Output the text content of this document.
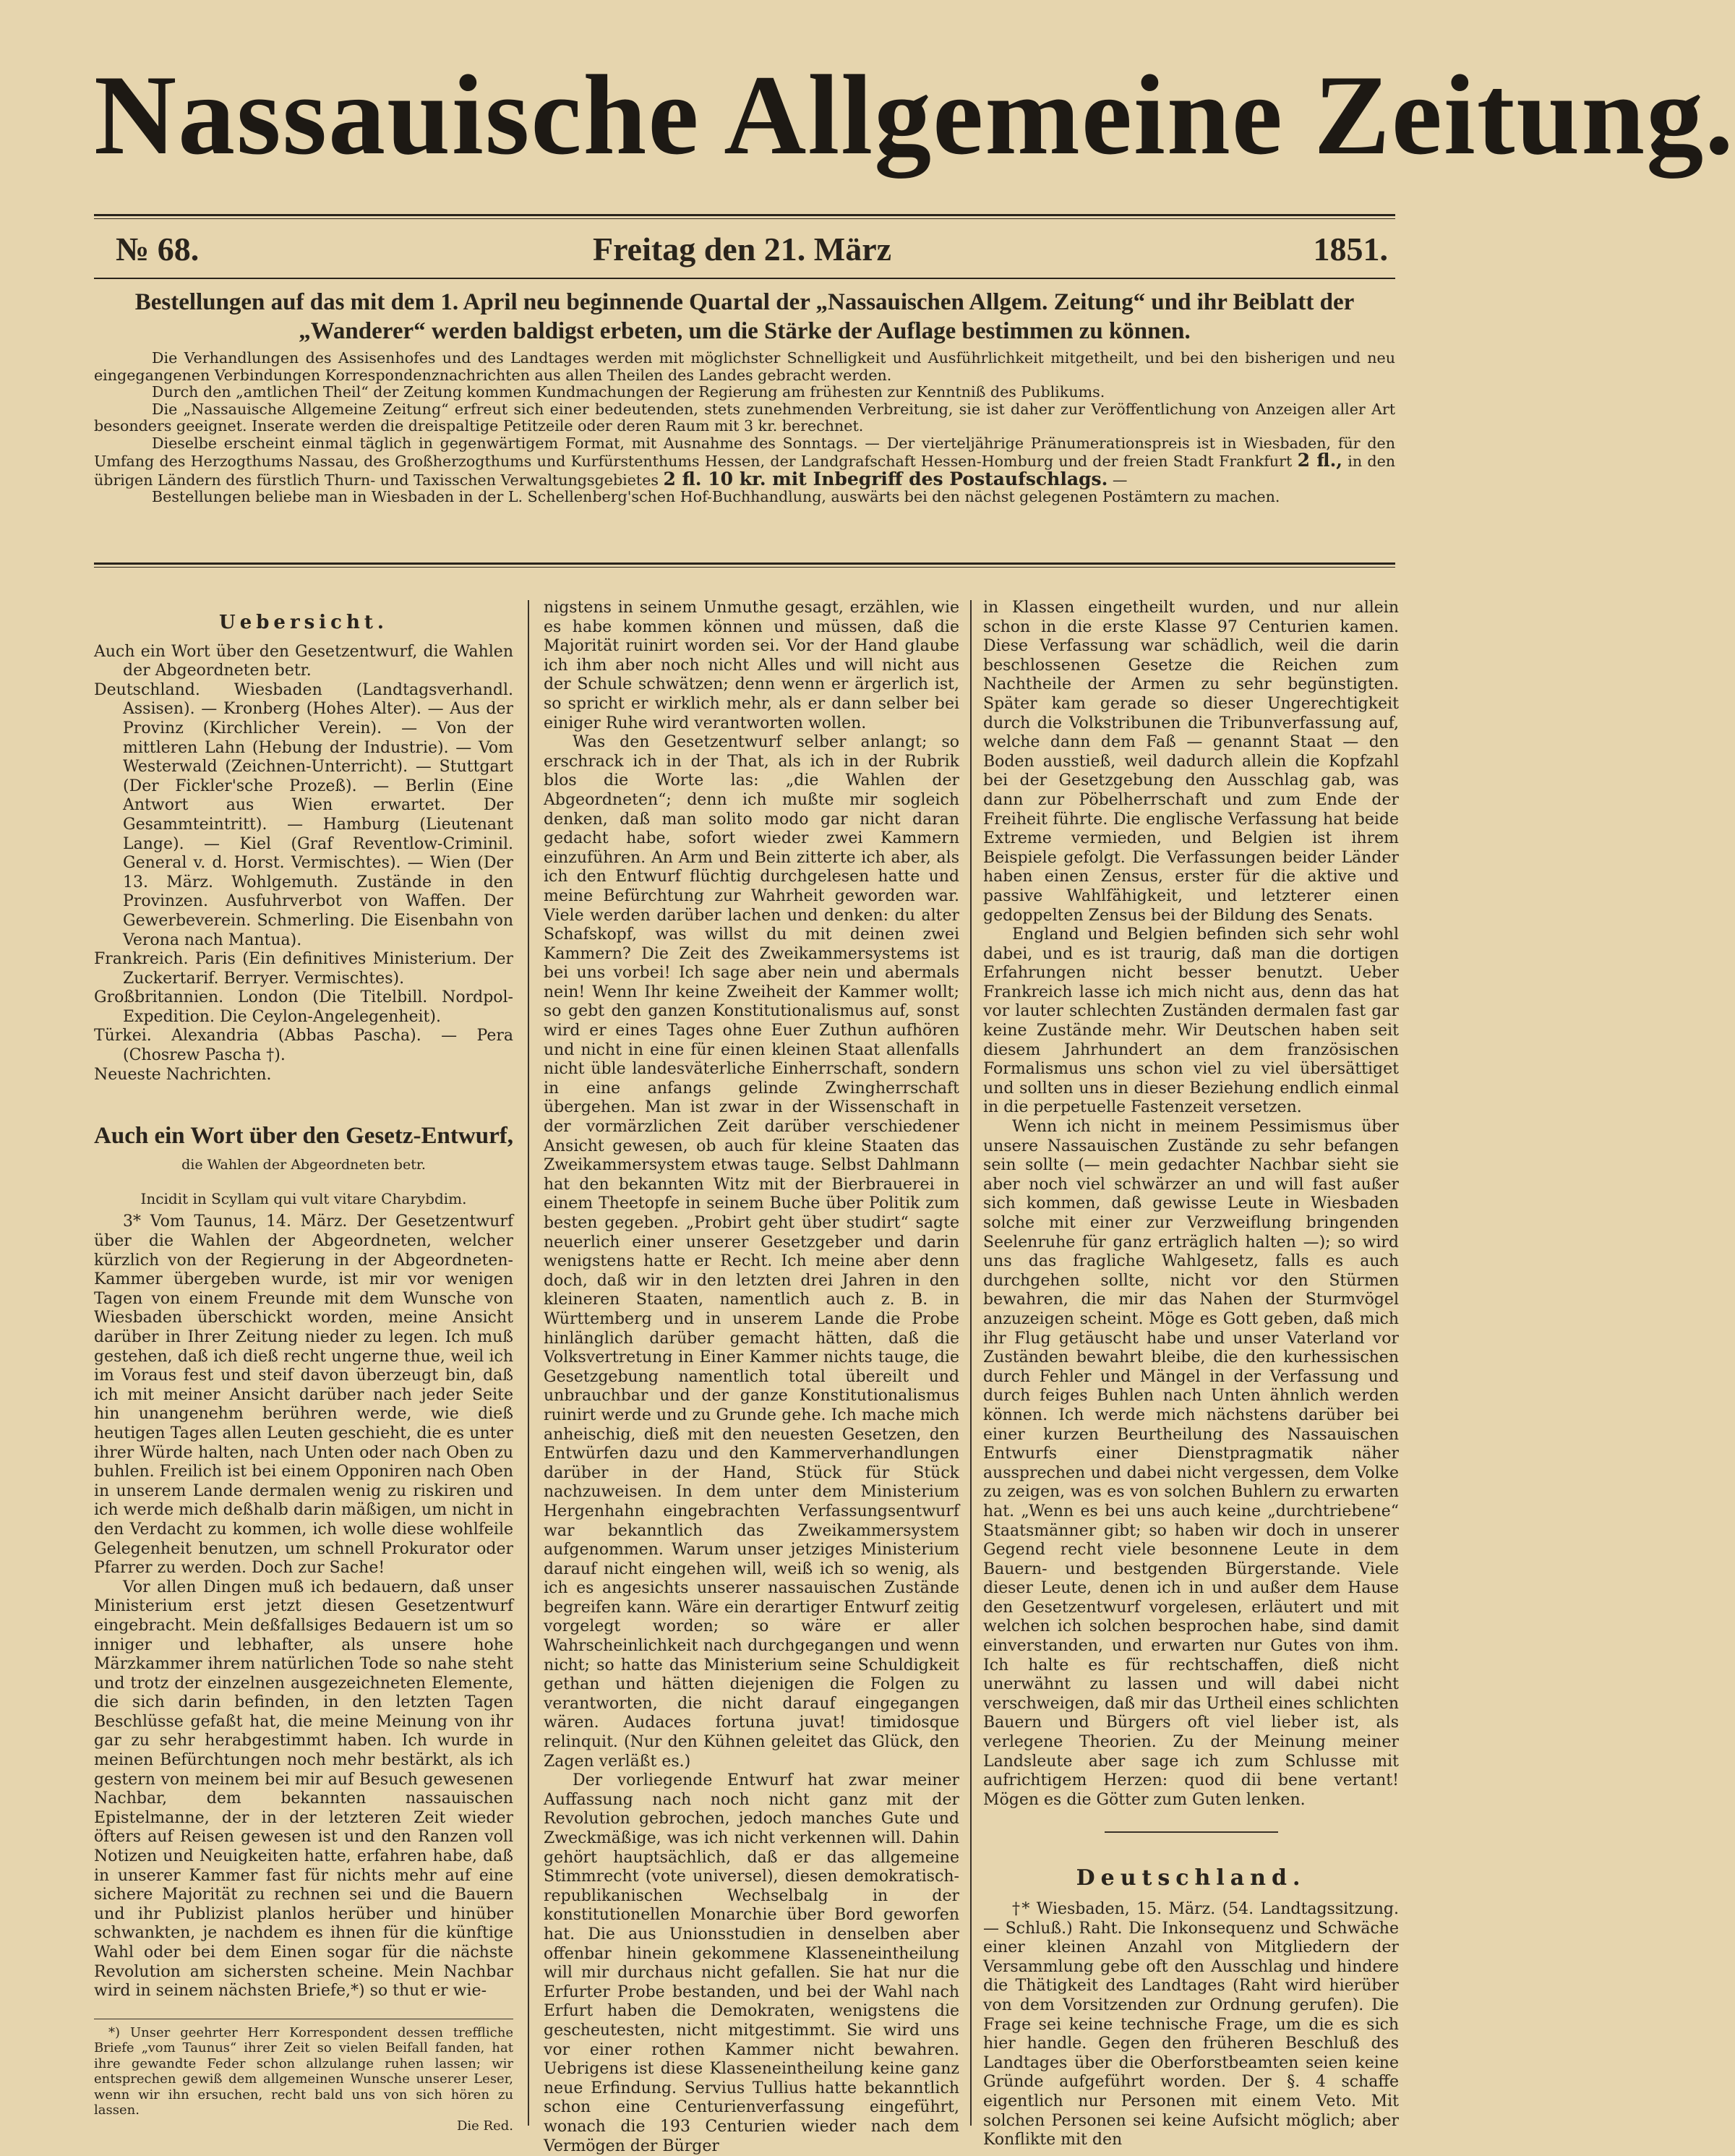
Nassauische Allgemeine Zeitung.
№ 68.	Freitag den 21. März	1851.
Bestellungen auf das mit dem 1. April neu beginnende Quartal der „Nassauischen Allgem. Zeitung“ und ihr Beiblatt der „Wanderer“ werden baldigst erbeten, um die Stärke der Auflage bestimmen zu können.

Die Verhandlungen des Assisenhofes und des Landtages werden mit möglichster Schnelligkeit und Ausführlichkeit mitgetheilt, und bei den bisherigen und neu eingegangenen Verbindungen Korrespondenznachrichten aus allen Theilen des Landes gebracht werden.

Durch den „amtlichen Theil“ der Zeitung kommen Kundmachungen der Regierung am frühesten zur Kenntniß des Publikums.

Die „Nassauische Allgemeine Zeitung“ erfreut sich einer bedeutenden, stets zunehmenden Verbreitung, sie ist daher zur Veröffentlichung von Anzeigen aller Art besonders geeignet. Inserate werden die dreispaltige Petitzeile oder deren Raum mit 3 kr. berechnet.

Dieselbe erscheint einmal täglich in gegenwärtigem Format, mit Ausnahme des Sonntags. — Der vierteljährige Pränumerationspreis ist in Wiesbaden, für den Umfang des Herzogthums Nassau, des Großherzogthums und Kurfürstenthums Hessen, der Landgrafschaft Hessen-Homburg und der freien Stadt Frankfurt 2 fl., in den übrigen Ländern des fürstlich Thurn- und Taxisschen Verwaltungsgebietes 2 fl. 10 kr. mit Inbegriff des Postaufschlags. —

Bestellungen beliebe man in Wiesbaden in der L. Schellenberg'schen Hof-Buchhandlung, auswärts bei den nächst gelegenen Postämtern zu machen.

Uebersicht.

Auch ein Wort über den Gesetzentwurf, die Wahlen der Abgeordneten betr.

Deutschland. Wiesbaden (Landtagsverhandl. Assisen). — Kronberg (Hohes Alter). — Aus der Provinz (Kirchlicher Verein). — Von der mittleren Lahn (Hebung der Industrie). — Vom Westerwald (Zeichnen-Unterricht). — Stuttgart (Der Fickler'sche Prozeß). — Berlin (Eine Antwort aus Wien erwartet. Der Gesammteintritt). — Hamburg (Lieutenant Lange). — Kiel (Graf Reventlow-Criminil. General v. d. Horst. Vermischtes). — Wien (Der 13. März. Wohlgemuth. Zustände in den Provinzen. Ausfuhrverbot von Waffen. Der Gewerbeverein. Schmerling. Die Eisenbahn von Verona nach Mantua).

Frankreich. Paris (Ein definitives Ministerium. Der Zuckertarif. Berryer. Vermischtes).

Großbritannien. London (Die Titelbill. Nordpol-Expedition. Die Ceylon-Angelegenheit).

Türkei. Alexandria (Abbas Pascha). — Pera (Chosrew Pascha †).

Neueste Nachrichten.

Auch ein Wort über den Gesetz-Entwurf,
die Wahlen der Abgeordneten betr.
Incidit in Scyllam qui vult vitare Charybdim.

3* Vom Taunus, 14. März. Der Gesetzentwurf über die Wahlen der Abgeordneten, welcher kürzlich von der Regierung in der Abgeordneten-Kammer übergeben wurde, ist mir vor wenigen Tagen von einem Freunde mit dem Wunsche von Wiesbaden überschickt worden, meine Ansicht darüber in Ihrer Zeitung nieder zu legen. Ich muß gestehen, daß ich dieß recht ungerne thue, weil ich im Voraus fest und steif davon überzeugt bin, daß ich mit meiner Ansicht darüber nach jeder Seite hin unangenehm berühren werde, wie dieß heutigen Tages allen Leuten geschieht, die es unter ihrer Würde halten, nach Unten oder nach Oben zu buhlen. Freilich ist bei einem Opponiren nach Oben in unserem Lande dermalen wenig zu riskiren und ich werde mich deßhalb darin mäßigen, um nicht in den Verdacht zu kommen, ich wolle diese wohlfeile Gelegenheit benutzen, um schnell Prokurator oder Pfarrer zu werden. Doch zur Sache!

Vor allen Dingen muß ich bedauern, daß unser Ministerium erst jetzt diesen Gesetzentwurf eingebracht. Mein deßfallsiges Bedauern ist um so inniger und lebhafter, als unsere hohe Märzkammer ihrem natürlichen Tode so nahe steht und trotz der einzelnen ausgezeichneten Elemente, die sich darin befinden, in den letzten Tagen Beschlüsse gefaßt hat, die meine Meinung von ihr gar zu sehr herabgestimmt haben. Ich wurde in meinen Befürchtungen noch mehr bestärkt, als ich gestern von meinem bei mir auf Besuch gewesenen Nachbar, dem bekannten nassauischen Epistelmanne, der in der letzteren Zeit wieder öfters auf Reisen gewesen ist und den Ranzen voll Notizen und Neuigkeiten hatte, erfahren habe, daß in unserer Kammer fast für nichts mehr auf eine sichere Majorität zu rechnen sei und die Bauern und ihr Publizist planlos herüber und hinüber schwankten, je nachdem es ihnen für die künftige Wahl oder bei dem Einen sogar für die nächste Revolution am sichersten scheine. Mein Nachbar wird in seinem nächsten Briefe,*) so thut er wie-

*) Unser geehrter Herr Korrespondent dessen treffliche Briefe „vom Taunus“ ihrer Zeit so vielen Beifall fanden, hat ihre gewandte Feder schon allzulange ruhen lassen; wir entsprechen gewiß dem allgemeinen Wunsche unserer Leser, wenn wir ihn ersuchen, recht bald uns von sich hören zu lassen.

Die Red.

nigstens in seinem Unmuthe gesagt, erzählen, wie es habe kommen können und müssen, daß die Majorität ruinirt worden sei. Vor der Hand glaube ich ihm aber noch nicht Alles und will nicht aus der Schule schwätzen; denn wenn er ärgerlich ist, so spricht er wirklich mehr, als er dann selber bei einiger Ruhe wird verantworten wollen.

Was den Gesetzentwurf selber anlangt; so erschrack ich in der That, als ich in der Rubrik blos die Worte las: „die Wahlen der Abgeordneten“; denn ich mußte mir sogleich denken, daß man solito modo gar nicht daran gedacht habe, sofort wieder zwei Kammern einzuführen. An Arm und Bein zitterte ich aber, als ich den Entwurf flüchtig durchgelesen hatte und meine Befürchtung zur Wahrheit geworden war. Viele werden darüber lachen und denken: du alter Schafskopf, was willst du mit deinen zwei Kammern? Die Zeit des Zweikammersystems ist bei uns vorbei! Ich sage aber nein und abermals nein! Wenn Ihr keine Zweiheit der Kammer wollt; so gebt den ganzen Konstitutionalismus auf, sonst wird er eines Tages ohne Euer Zuthun aufhören und nicht in eine für einen kleinen Staat allenfalls nicht üble landesväterliche Einherrschaft, sondern in eine anfangs gelinde Zwingherrschaft übergehen. Man ist zwar in der Wissenschaft in der vormärzlichen Zeit darüber verschiedener Ansicht gewesen, ob auch für kleine Staaten das Zweikammersystem etwas tauge. Selbst Dahlmann hat den bekannten Witz mit der Bierbrauerei in einem Theetopfe in seinem Buche über Politik zum besten gegeben. „Probirt geht über studirt“ sagte neuerlich einer unserer Gesetzgeber und darin wenigstens hatte er Recht. Ich meine aber denn doch, daß wir in den letzten drei Jahren in den kleineren Staaten, namentlich auch z. B. in Württemberg und in unserem Lande die Probe hinlänglich darüber gemacht hätten, daß die Volksvertretung in Einer Kammer nichts tauge, die Gesetzgebung namentlich total übereilt und unbrauchbar und der ganze Konstitutionalismus ruinirt werde und zu Grunde gehe. Ich mache mich anheischig, dieß mit den neuesten Gesetzen, den Entwürfen dazu und den Kammerverhandlungen darüber in der Hand, Stück für Stück nachzuweisen. In dem unter dem Ministerium Hergenhahn eingebrachten Verfassungsentwurf war bekanntlich das Zweikammersystem aufgenommen. Warum unser jetziges Ministerium darauf nicht eingehen will, weiß ich so wenig, als ich es angesichts unserer nassauischen Zustände begreifen kann. Wäre ein derartiger Entwurf zeitig vorgelegt worden; so wäre er aller Wahrscheinlichkeit nach durchgegangen und wenn nicht; so hatte das Ministerium seine Schuldigkeit gethan und hätten diejenigen die Folgen zu verantworten, die nicht darauf eingegangen wären. Audaces fortuna juvat! timidosque relinquit. (Nur den Kühnen geleitet das Glück, den Zagen verläßt es.)

Der vorliegende Entwurf hat zwar meiner Auffassung nach noch nicht ganz mit der Revolution gebrochen, jedoch manches Gute und Zweckmäßige, was ich nicht verkennen will. Dahin gehört hauptsächlich, daß er das allgemeine Stimmrecht (vote universel), diesen demokratisch-republikanischen Wechselbalg in der konstitutionellen Monarchie über Bord geworfen hat. Die aus Unionsstudien in denselben aber offenbar hinein gekommene Klasseneintheilung will mir durchaus nicht gefallen. Sie hat nur die Erfurter Probe bestanden, und bei der Wahl nach Erfurt haben die Demokraten, wenigstens die gescheutesten, nicht mitgestimmt. Sie wird uns vor einer rothen Kammer nicht bewahren. Uebrigens ist diese Klasseneintheilung keine ganz neue Erfindung. Servius Tullius hatte bekanntlich schon eine Centurienverfassung eingeführt, wonach die 193 Centurien wieder nach dem Vermögen der Bürger

in Klassen eingetheilt wurden, und nur allein schon in die erste Klasse 97 Centurien kamen. Diese Verfassung war schädlich, weil die darin beschlossenen Gesetze die Reichen zum Nachtheile der Armen zu sehr begünstigten. Später kam gerade so dieser Ungerechtigkeit durch die Volkstribunen die Tribunverfassung auf, welche dann dem Faß — genannt Staat — den Boden ausstieß, weil dadurch allein die Kopfzahl bei der Gesetzgebung den Ausschlag gab, was dann zur Pöbelherrschaft und zum Ende der Freiheit führte. Die englische Verfassung hat beide Extreme vermieden, und Belgien ist ihrem Beispiele gefolgt. Die Verfassungen beider Länder haben einen Zensus, erster für die aktive und passive Wahlfähigkeit, und letzterer einen gedoppelten Zensus bei der Bildung des Senats.

England und Belgien befinden sich sehr wohl dabei, und es ist traurig, daß man die dortigen Erfahrungen nicht besser benutzt. Ueber Frankreich lasse ich mich nicht aus, denn das hat vor lauter schlechten Zuständen dermalen fast gar keine Zustände mehr. Wir Deutschen haben seit diesem Jahrhundert an dem französischen Formalismus uns schon viel zu viel übersättiget und sollten uns in dieser Beziehung endlich einmal in die perpetuelle Fastenzeit versetzen.

Wenn ich nicht in meinem Pessimismus über unsere Nassauischen Zustände zu sehr befangen sein sollte (— mein gedachter Nachbar sieht sie aber noch viel schwärzer an und will fast außer sich kommen, daß gewisse Leute in Wiesbaden solche mit einer zur Verzweiflung bringenden Seelenruhe für ganz erträglich halten —); so wird uns das fragliche Wahlgesetz, falls es auch durchgehen sollte, nicht vor den Stürmen bewahren, die mir das Nahen der Sturmvögel anzuzeigen scheint. Möge es Gott geben, daß mich ihr Flug getäuscht habe und unser Vaterland vor Zuständen bewahrt bleibe, die den kurhessischen durch Fehler und Mängel in der Verfassung und durch feiges Buhlen nach Unten ähnlich werden können. Ich werde mich nächstens darüber bei einer kurzen Beurtheilung des Nassauischen Entwurfs einer Dienstpragmatik näher aussprechen und dabei nicht vergessen, dem Volke zu zeigen, was es von solchen Buhlern zu erwarten hat. „Wenn es bei uns auch keine „durchtriebene“ Staatsmänner gibt; so haben wir doch in unserer Gegend recht viele besonnene Leute in dem Bauern- und bestgenden Bürgerstande. Viele dieser Leute, denen ich in und außer dem Hause den Gesetzentwurf vorgelesen, erläutert und mit welchen ich solchen besprochen habe, sind damit einverstanden, und erwarten nur Gutes von ihm. Ich halte es für rechtschaffen, dieß nicht unerwähnt zu lassen und will dabei nicht verschweigen, daß mir das Urtheil eines schlichten Bauern und Bürgers oft viel lieber ist, als verlegene Theorien. Zu der Meinung meiner Landsleute aber sage ich zum Schlusse mit aufrichtigem Herzen: quod dii bene vertant! Mögen es die Götter zum Guten lenken.

Deutschland.

†* Wiesbaden, 15. März. (54. Landtagssitzung. — Schluß.) Raht. Die Inkonsequenz und Schwäche einer kleinen Anzahl von Mitgliedern der Versammlung gebe oft den Ausschlag und hindere die Thätigkeit des Landtages (Raht wird hierüber von dem Vorsitzenden zur Ordnung gerufen). Die Frage sei keine technische Frage, um die es sich hier handle. Gegen den früheren Beschluß des Landtages über die Oberforstbeamten seien keine Gründe aufgeführt worden. Der §. 4 schaffe eigentlich nur Personen mit einem Veto. Mit solchen Personen sei keine Aufsicht möglich; aber Konflikte mit den
